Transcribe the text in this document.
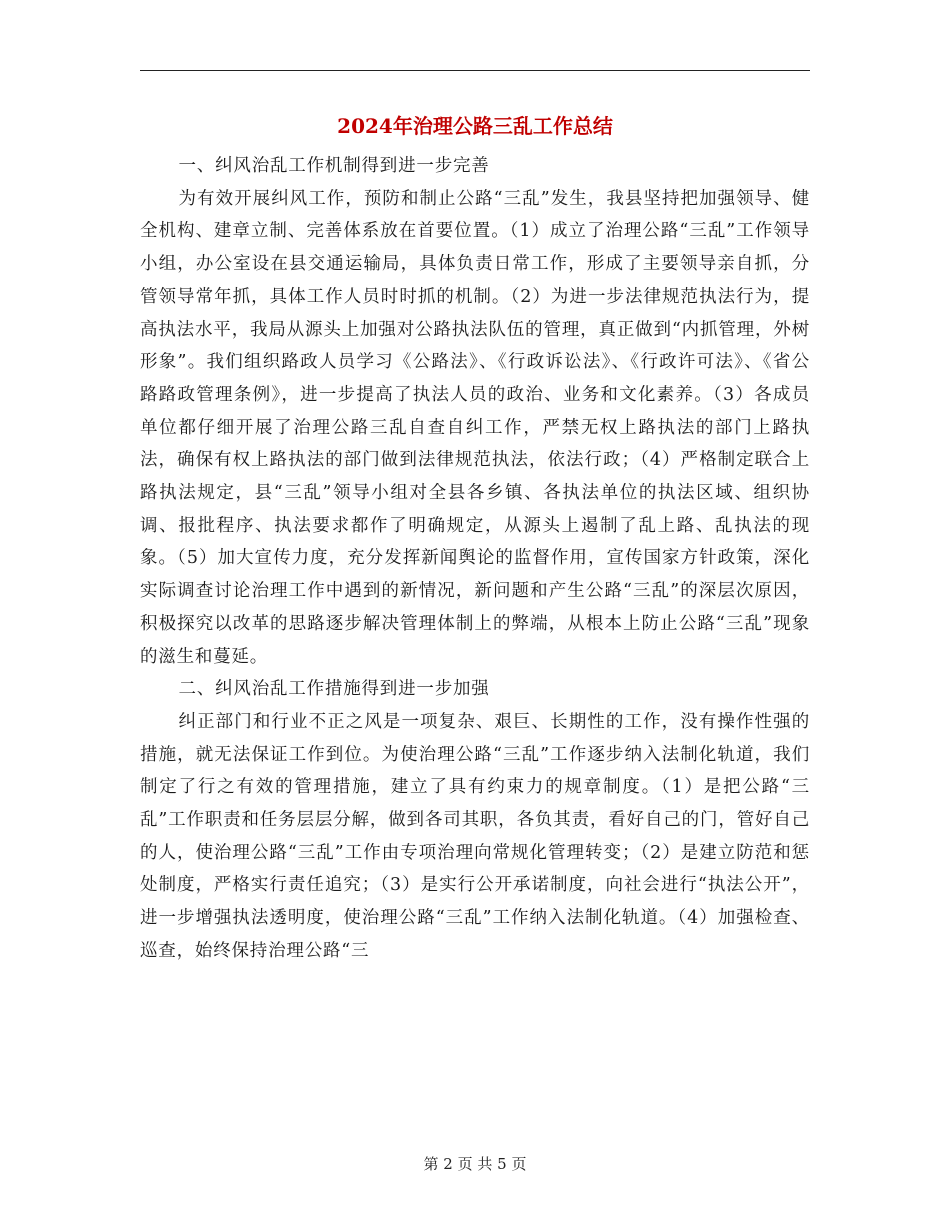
2024年治理公路三乱工作总结

一、纠风治乱工作机制得到进一步完善

为有效开展纠风工作，预防和制止公路“三乱”发生，我县坚持把加强领导、健全机构、建章立制、完善体系放在首要位置。（1）成立了治理公路“三乱”工作领导小组，办公室设在县交通运输局，具体负责日常工作，形成了主要领导亲自抓，分管领导常年抓，具体工作人员时时抓的机制。（2）为进一步法律规范执法行为，提高执法水平，我局从源头上加强对公路执法队伍的管理，真正做到“内抓管理，外树形象”。我们组织路政人员学习《公路法》、《行政诉讼法》、《行政许可法》、《省公路路政管理条例》，进一步提高了执法人员的政治、业务和文化素养。（3）各成员单位都仔细开展了治理公路三乱自查自纠工作，严禁无权上路执法的部门上路执法，确保有权上路执法的部门做到法律规范执法，依法行政；（4）严格制定联合上路执法规定，县“三乱”领导小组对全县各乡镇、各执法单位的执法区域、组织协调、报批程序、执法要求都作了明确规定，从源头上遏制了乱上路、乱执法的现象。（5）加大宣传力度，充分发挥新闻舆论的监督作用，宣传国家方针政策，深化实际调查讨论治理工作中遇到的新情况，新问题和产生公路“三乱”的深层次原因，积极探究以改革的思路逐步解决管理体制上的弊端，从根本上防止公路“三乱”现象的滋生和蔓延。

二、纠风治乱工作措施得到进一步加强

纠正部门和行业不正之风是一项复杂、艰巨、长期性的工作，没有操作性强的措施，就无法保证工作到位。为使治理公路“三乱”工作逐步纳入法制化轨道，我们制定了行之有效的管理措施，建立了具有约束力的规章制度。（1）是把公路“三乱”工作职责和任务层层分解，做到各司其职，各负其责，看好自己的门，管好自己的人，使治理公路“三乱”工作由专项治理向常规化管理转变；（2）是建立防范和惩处制度，严格实行责任追究；（3）是实行公开承诺制度，向社会进行“执法公开”，进一步增强执法透明度，使治理公路“三乱”工作纳入法制化轨道。（4）加强检查、巡查，始终保持治理公路“三

第 2 页 共 5 页
